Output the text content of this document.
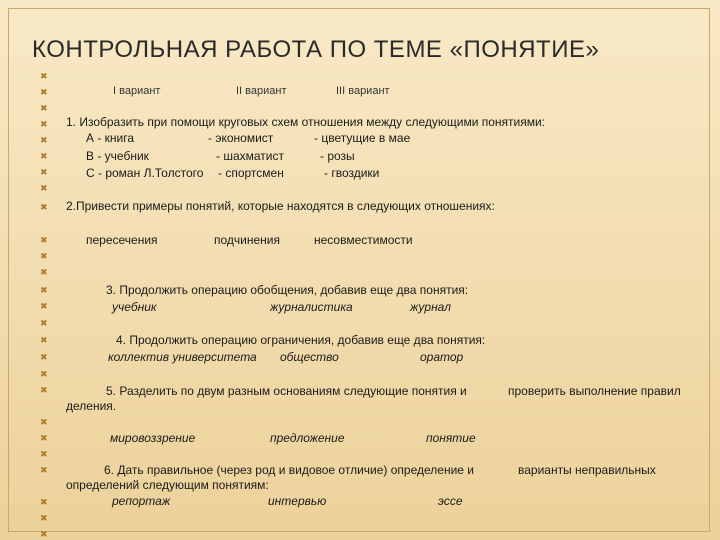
КОНТРОЛЬНАЯ РАБОТА ПО ТЕМЕ «ПОНЯТИЕ»
✖
✖
✖
✖
✖
✖
✖
✖
✖
✖
✖
✖
✖
✖
✖
✖
✖
✖
✖
✖
✖
✖
✖
✖
✖
✖
I вариант	II вариант	III вариант
1. Изобразить при помощи круговых схем отношения между следующими понятиями:
А - книга	- экономист	- цветущие в мае
В - учебник	- шахматист	- розы
С - роман Л.Толстого - спортсмен	- гвоздики
2.Привести примеры понятий, которые находятся в следующих отношениях:
пересечения	подчинения	несовместимости
3. Продолжить операцию обобщения, добавив еще два понятия:
учебник	журналистика	журнал
4. Продолжить операцию ограничения, добавив еще два понятия:
коллектив университета общество	оратор
5. Разделить по двум разным основаниям следующие понятия и	проверить выполнение правил
деления.
мировоззрение	предложение	понятие
6. Дать правильное (через род и видовое отличие) определение и	варианты неправильных
определений следующим понятиям:
репортаж	интервью	эссе
